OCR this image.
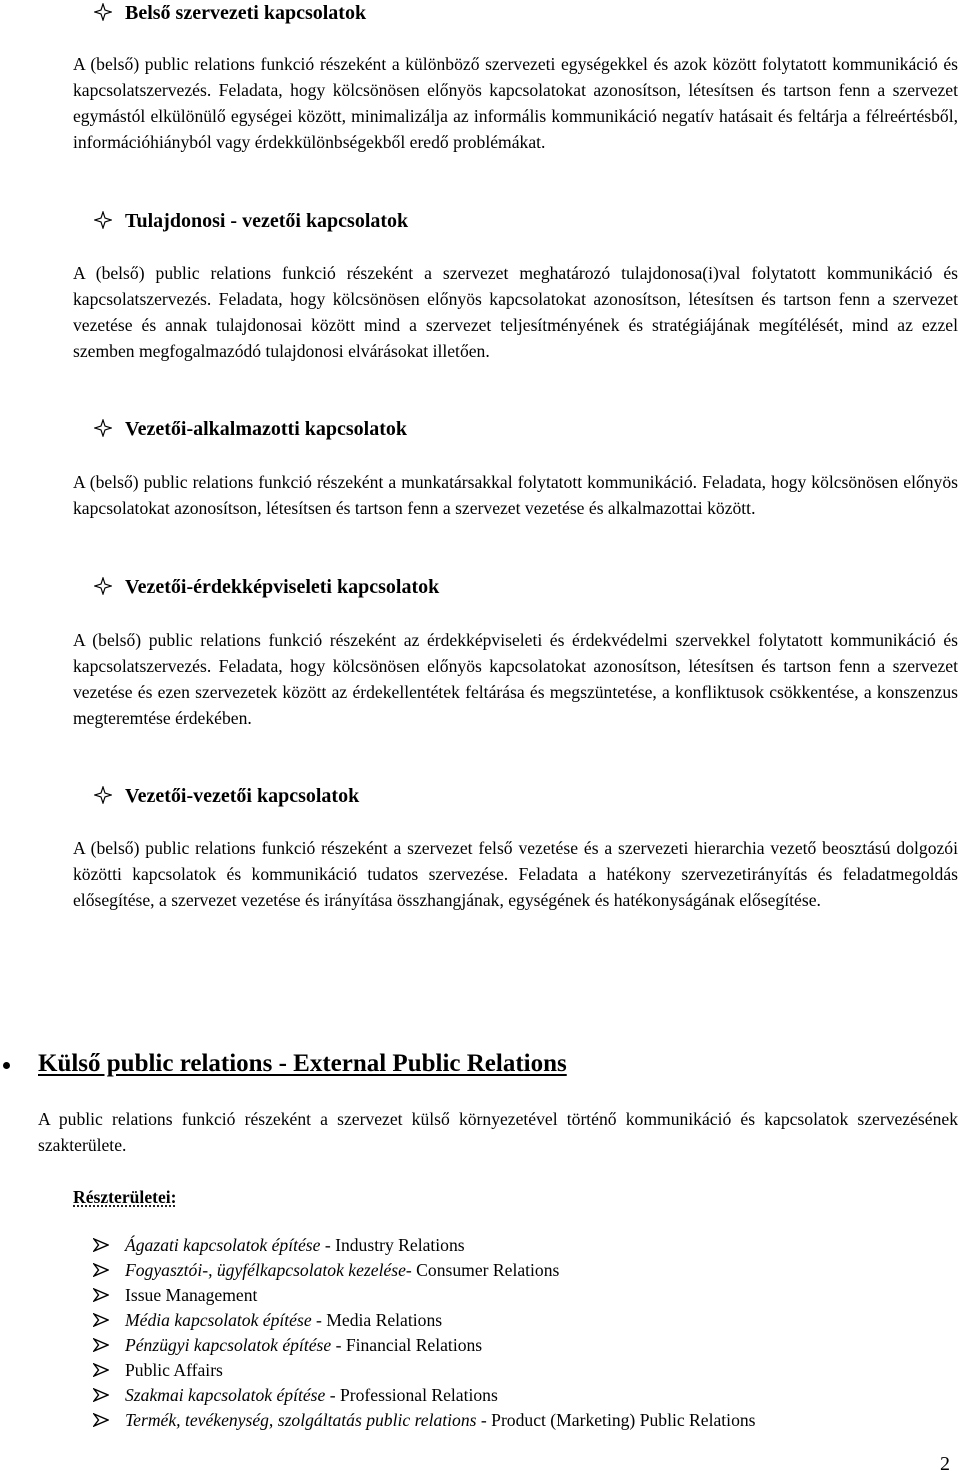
Belső szervezeti kapcsolatok
A (belső) public relations funkció részeként a különböző szervezeti egységekkel és azok között folytatott kommunikáció és kapcsolatszervezés. Feladata, hogy kölcsönösen előnyös kapcsolatokat azonosítson, létesítsen és tartson fenn a szervezet egymástól elkülönülő egységei között, minimalizálja az informális kommunikáció negatív hatásait és feltárja a félreértésből, információhiányból vagy érdekkülönbségekből eredő problémákat.
Tulajdonosi - vezetői kapcsolatok
A (belső) public relations funkció részeként a szervezet meghatározó tulajdonosa(i)val folytatott kommunikáció és kapcsolatszervezés. Feladata, hogy kölcsönösen előnyös kapcsolatokat azonosítson, létesítsen és tartson fenn a szervezet vezetése és annak tulajdonosai között mind a szervezet teljesítményének és stratégiájának megítélését, mind az ezzel szemben megfogalmazódó tulajdonosi elvárásokat illetően.
Vezetői-alkalmazotti kapcsolatok
A (belső) public relations funkció részeként a munkatársakkal folytatott kommunikáció. Feladata, hogy kölcsönösen előnyös kapcsolatokat azonosítson, létesítsen és tartson fenn a szervezet vezetése és alkalmazottai között.
Vezetői-érdekképviseleti kapcsolatok
A (belső) public relations funkció részeként az érdekképviseleti és érdekvédelmi szervekkel folytatott kommunikáció és kapcsolatszervezés. Feladata, hogy kölcsönösen előnyös kapcsolatokat azonosítson, létesítsen és tartson fenn a szervezet vezetése és ezen szervezetek között az érdekellentétek feltárása és megszüntetése, a konfliktusok csökkentése, a konszenzus megteremtése érdekében.
Vezetői-vezetői kapcsolatok
A (belső) public relations funkció részeként a szervezet felső vezetése és a szervezeti hierarchia vezető beosztású dolgozói közötti kapcsolatok és kommunikáció tudatos szervezése. Feladata a hatékony szervezetirányítás és feladatmegoldás elősegítése, a szervezet vezetése és irányítása összhangjának, egységének és hatékonyságának elősegítése.
Külső public relations - External Public Relations
A public relations funkció részeként a szervezet külső környezetével történő kommunikáció és kapcsolatok szervezésének szakterülete.
Részterületei:
Ágazati kapcsolatok építése - Industry Relations
Fogyasztói-, ügyfélkapcsolatok kezelése- Consumer Relations
Issue Management
Média kapcsolatok építése - Media Relations
Pénzügyi kapcsolatok építése - Financial Relations
Public Affairs
Szakmai kapcsolatok építése - Professional Relations
Termék, tevékenység, szolgáltatás public relations - Product (Marketing) Public Relations
2
